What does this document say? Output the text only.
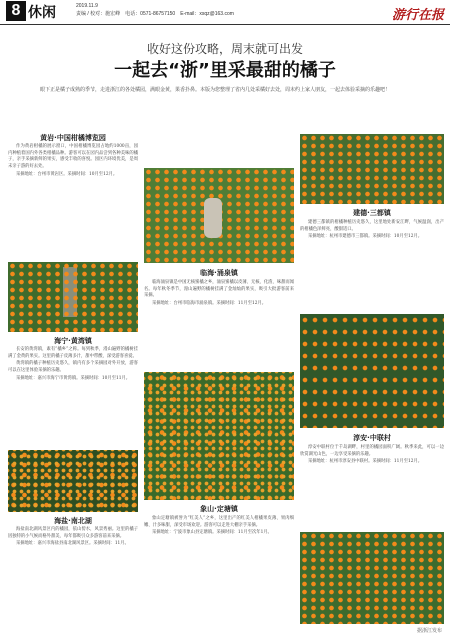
8 休闲	2019.11.9
责编 / 校对：施宏峰　电话：0571-86757150　E-mail：xsqz@163.com	游行在报
收好这份攻略，周末就可出发
一起去“浙”里采最甜的橘子
眼下正是橘子成熟的季节，走进浙江的各处橘园，满眼金黄，果香扑鼻。本版为您整理了省内几处采橘好去处，周末约上家人朋友，一起去体验采摘的乐趣吧！
黄岩·中国柑橘博览园

作为黄岩柑橘的展示窗口，中国柑橘博览园占地约1000亩，园内种植着国内外各类柑橘品种。游客可以在园内品尝到各种美味的橘子，亲手采摘新鲜的果实，感受丰收的喜悦。园区内环境优美，是周末亲子游的好去处。

采摘地址：台州市黄岩区。采摘时间：10月至12月。

海宁·黄湾镇

长安的黄湾镇，素有“橘乡”之称。每到秋季，漫山遍野的橘树挂满了金黄的果实。这里的橘子皮薄多汁，甜中带酸，深受游客喜爱。

黄湾镇的橘子种植历史悠久，镇内有多个采摘园对外开放，游客可以在这里体验采摘的乐趣。

采摘地址：嘉兴市海宁市黄湾镇。采摘时间：10月至11月。

海盐·南北湖

海盐南北湖风景区内的橘园，依山傍水，风景秀丽。这里的橘子因独特的小气候而格外甜美，每年都吸引众多游客前来采摘。

采摘地址：嘉兴市海盐县南北湖风景区。采摘时间：11月。

临海·涌泉镇

临海涌泉镇是中国无核蜜橘之乡，涌泉蜜橘以皮薄、无核、化渣、味甜而闻名。每年秋冬季节，漫山遍野的橘树挂满了金灿灿的果实，吸引大批游客前来采摘。

采摘地址：台州市临海市涌泉镇。采摘时间：11月至12月。

象山·定塘镇

象山定塘镇被誉为“红美人”之乡，这里出产的红美人柑橘果皮薄、果肉细嫩、汁多味甜，深受市场欢迎。游客可以走进大棚亲手采摘。

采摘地址：宁波市象山县定塘镇。采摘时间：11月至次年1月。

建德·三都镇

建德三都镇的柑橘种植历史悠久，这里地处新安江畔，气候温润，出产的柑橘色泽鲜亮，酸甜适口。

采摘地址：杭州市建德市三都镇。采摘时间：10月至12月。

淳安·中联村

淳安中联村位于千岛湖畔，村里的橘园面积广阔。秋季来此，可以一边欣赏湖光山色，一边享受采摘的乐趣。

采摘地址：杭州市淳安县中联村。采摘时间：11月至12月。

据浙江发布
